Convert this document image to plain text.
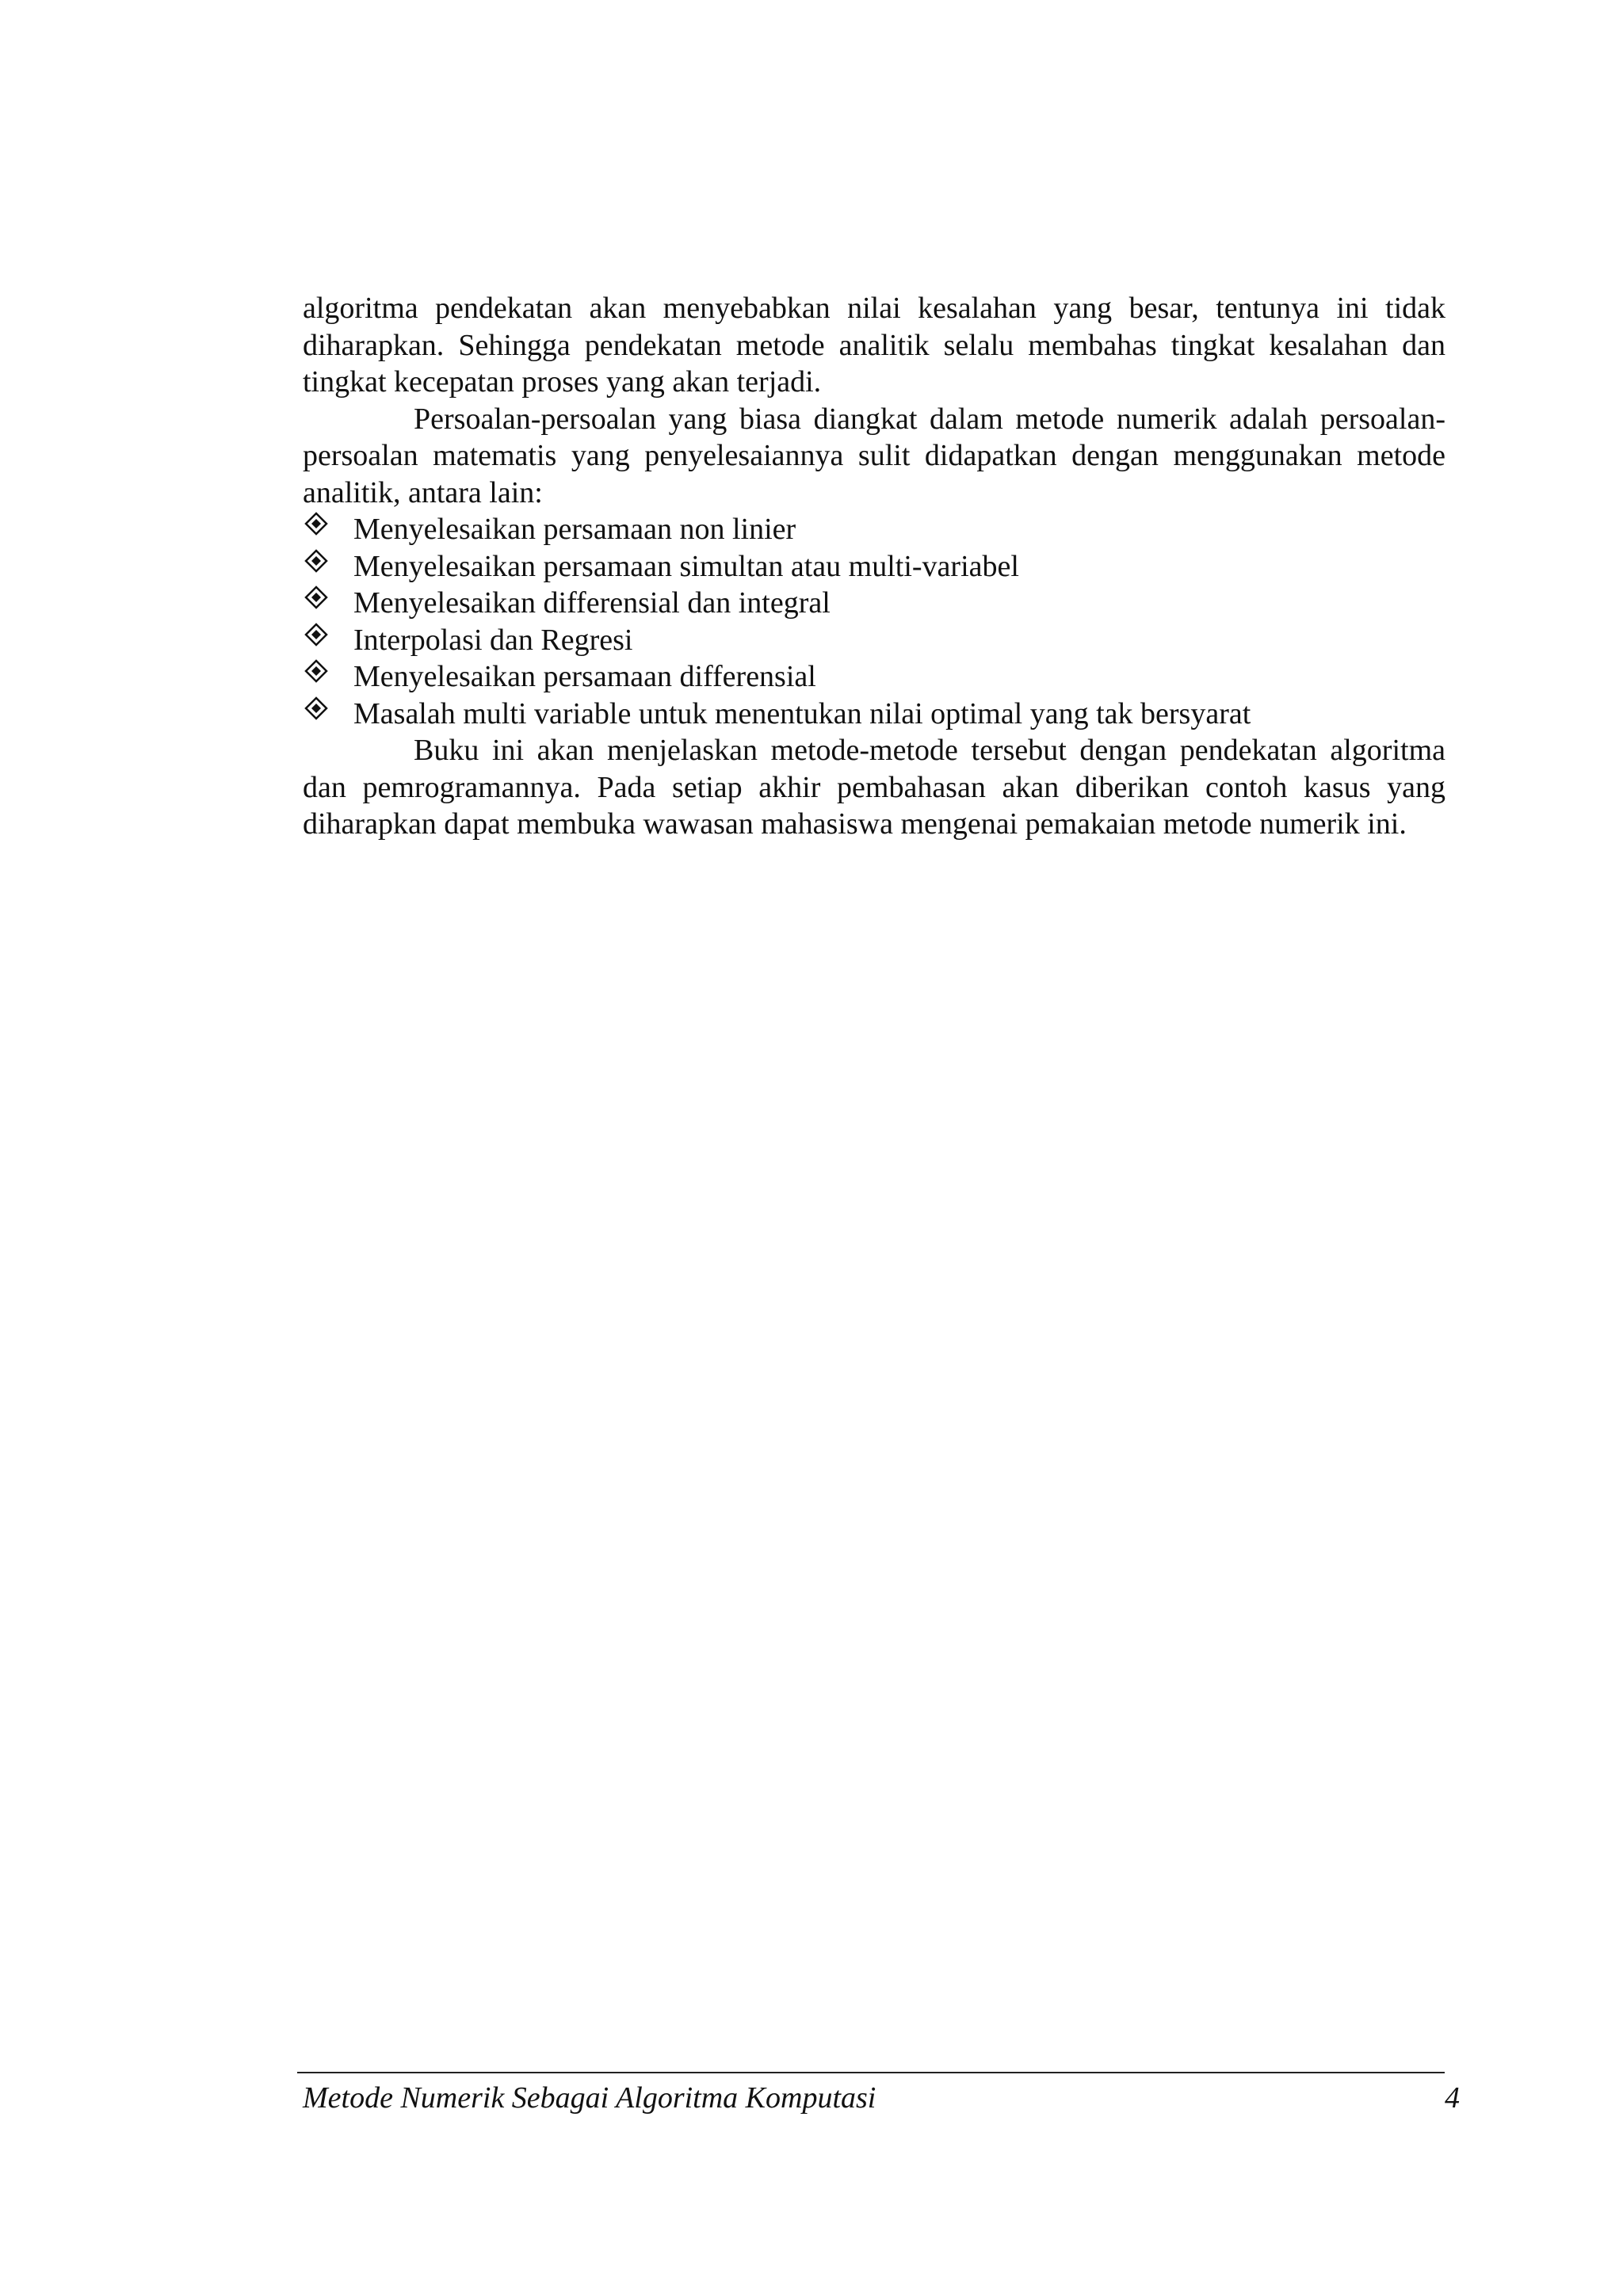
algoritma pendekatan akan menyebabkan nilai kesalahan yang besar, tentunya ini tidak diharapkan. Sehingga pendekatan metode analitik selalu membahas tingkat kesalahan dan tingkat kecepatan proses yang akan terjadi.

Persoalan-persoalan yang biasa diangkat dalam metode numerik adalah persoalan-persoalan matematis yang penyelesaiannya sulit didapatkan dengan menggunakan metode analitik, antara lain:

Menyelesaikan persamaan non linier
Menyelesaikan persamaan simultan atau multi-variabel
Menyelesaikan differensial dan integral
Interpolasi dan Regresi
Menyelesaikan persamaan differensial
Masalah multi variable untuk menentukan nilai optimal yang tak bersyarat

Buku ini akan menjelaskan metode-metode tersebut dengan pendekatan algoritma dan pemrogramannya. Pada setiap akhir pembahasan akan diberikan contoh kasus yang diharapkan dapat membuka wawasan mahasiswa mengenai pemakaian metode numerik ini.

Metode Numerik Sebagai Algoritma Komputasi	4
